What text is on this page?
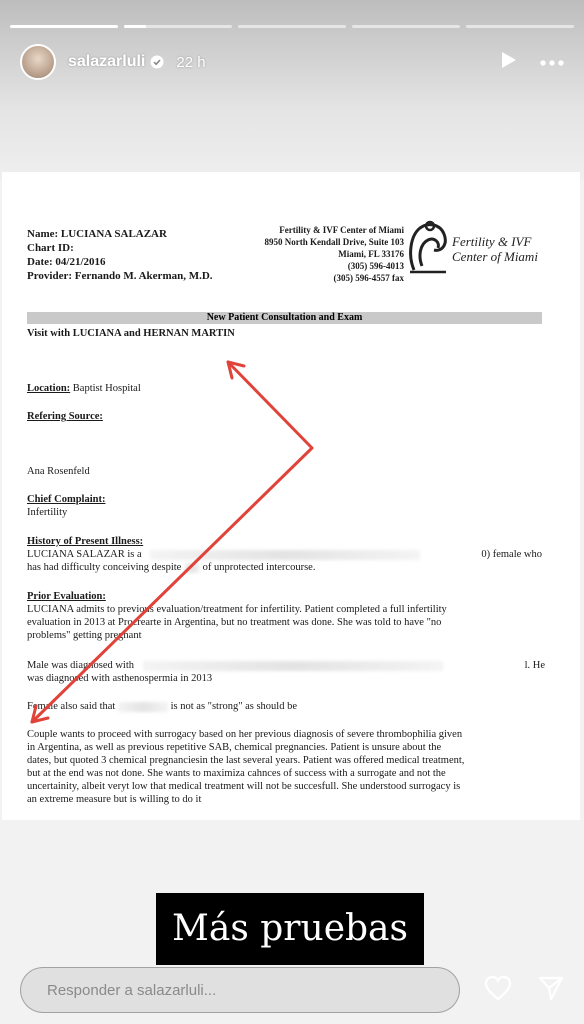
salazarluli 22 h
Name: LUCIANA SALAZAR
Chart ID:
Date: 04/21/2016
Provider: Fernando M. Akerman, M.D.
Fertility & IVF Center of Miami
8950 North Kendall Drive, Suite 103
Miami, FL 33176
(305) 596-4013
(305) 596-4557 fax
Fertility & IVF
Center of Miami
New Patient Consultation and Exam
Visit with LUCIANA and HERNAN MARTIN
Location: Baptist Hospital
Refering Source:
Ana Rosenfeld
Chief Complaint:
Infertility
History of Present Illness:
LUCIANA SALAZAR is a	0) female who
has had difficulty conceiving despite of unprotected intercourse.
Prior Evaluation:
LUCIANA admits to previous evaluation/treatment for infertility. Patient completed a full infertility
evaluation in 2013 at Procrearte in Argentina, but no treatment was done. She was told to have "no
problems" getting pregnant
Male was diagnosed with	l. He
was diagnosed with asthenospermia in 2013
Female also said that	is not as "strong" as should be
Couple wants to proceed with surrogacy based on her previous diagnosis of severe thrombophilia given
in Argentina, as well as previous repetitive SAB, chemical pregnancies. Patient is unsure about the
dates, but quoted 3 chemical pregnanciesin the last several years. Patient was offered medical treatment,
but at the end was not done. She wants to maximiza cahnces of success with a surrogate and not the
uncertainity, albeit veryt low that medical treatment will not be succesfull. She understood surrogacy is
an extreme measure but is willing to do it
Más pruebas
Responder a salazarluli...
